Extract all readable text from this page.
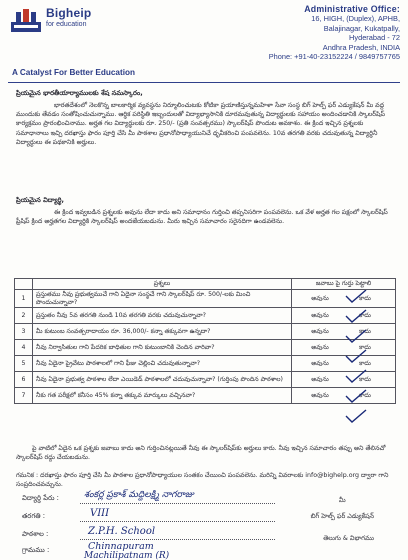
Bigheip
for education
Administrative Office:
16, HIGH, (Duplex), APHB,
Balajinagar, Kukatpally,
Hyderabad - 72
Andhra Pradesh, INDIA
Phone: +91-40-23152224 / 9849757765
A Catalyst For Better Education
ప్రియమైన భారతీయార్యాములకు శేష నమస్కారం,
భారతదేశంలో నెలకొన్న బాలకార్మిక వ్యవస్థను నిర్మూలించుటకు కోటికా ప్రయాణిస్తున్నమహిళా సేవా సంస్థ బిగ్ హెల్ప్ ఫర్ ఎడ్యుకేషన్ మీ వద్ద ముందుకు తేవడం సంతోషించుచున్నాము. ఆర్థిక పరిస్థితి ఇబ్బందులతో విద్యాభ్యాసానికి దూరమవుతున్న విద్యార్థులకు సహాయం అందించడానికి స్కాలర్‌షిప్ కార్యక్రమం ప్రారంభించినాము. అర్హత గల విద్యార్థులకు రూ. 250/- (ప్రతి సంవత్సరము) స్కాలర్‌షిప్ పొందుట అవకాశం. ఈ క్రింద ఇచ్చిన ప్రశ్నలకు సమాధానాలు ఇచ్చి దరఖాస్తు ఫారం పూర్తి చేసి మీ పాఠశాల ప్రధానోపాధ్యాయునిచే ధృవీకరించి పంపవలెను. 10వ తరగతి వరకు చదువుతున్న విద్యార్థినీ విద్యార్థులు ఈ పథకానికి అర్హులు.
ప్రియమైన విద్యార్థి,
ఈ క్రింద ఇవ్వబడిన ప్రశ్నలకు అవును లేదా కాదు అని సమాధానం గుర్తించి తప్పనిసరిగా పంపవలెను. ఒక వేళ అర్హత గల పక్షంలో స్కాలర్‌షిప్ ఫ్రీషిప్ క్రింద అర్హతగల విద్యార్థికి స్కాలర్‌షిప్ అందజేయబడును. మీరు ఇచ్చిన సమాచారం సరైనదిగా ఉండవలెను.
	ప్రశ్నలు	జవాబు పై గుర్తు పెట్టాలి
1	ప్రస్తుతము నీవు ప్రభుత్వముచే గాని ఏదైనా సంస్థచే గాని స్కాలర్‌షిప్ రూ. 500/-లకు మించి పొందుచున్నావా?	అవును కాదు
2	ప్రస్తుతం నీవు 5వ తరగతి నుండి 10వ తరగతి వరకు చదువుచున్నావా?	అవును కాదు
3	మీ కుటుంబ సంవత్సరాదాయం రూ. 36,000/- కన్నా తక్కువగా ఉన్నదా?	అవును కాదు
4	నీవు నిర్వాసితుల గాని పేదరిక బాధితుల గాని కుటుంబానికి చెందిన వారివా?	అవును కాదు
5	నీవు ఏదైనా ప్రైవేటు పాఠశాలలో గాని ఫీజు చెల్లించి చదువుతున్నావా?	అవును కాదు
6	నీవు ఏదైనా ప్రభుత్వ పాఠశాల లేదా ఎయిడెడ్ పాఠశాలలో చదువుచున్నావా? (గుర్తింపు పొందిన పాఠశాల)	అవును కాదు
7	నీకు గత పరీక్షలో కనీసం 45% కన్నా తక్కువ మార్కులు వచ్చినవా?	అవును కాదు
పై వాటిలో ఏదైన ఒక ప్రశ్నకు జవాబు కాదు అని గుర్తించినట్లయితే నీవు ఈ స్కాలర్‌షిప్‌కు అర్హులు కారు. నీవు ఇచ్చిన సమాచారం తప్పు అని తేలినచో స్కాలర్‌షిప్ రద్దు చేయబడును.
గమనిక : దరఖాస్తు ఫారం పూర్తి చేసి మీ పాఠశాల ప్రధానోపాధ్యాయుల సంతకం చేయించి పంపవలెను. మరిన్ని వివరాలకు info@bighelp.org ద్వారా గాని సంప్రదించవచ్చును.
విద్యార్థి పేరు :	శంకర్ల ప్రకాశ్ మద్దిలక్ష్మి నాగరాజు
తరగతి :	VIII
పాఠశాల :	Z.P.H. School
గ్రామము :	Chinnapuram
Machilipatnam (R)
మీ
బిగ్ హెల్ప్ ఫర్ ఎడ్యుకేషన్
తెలుగు & విభాగము
